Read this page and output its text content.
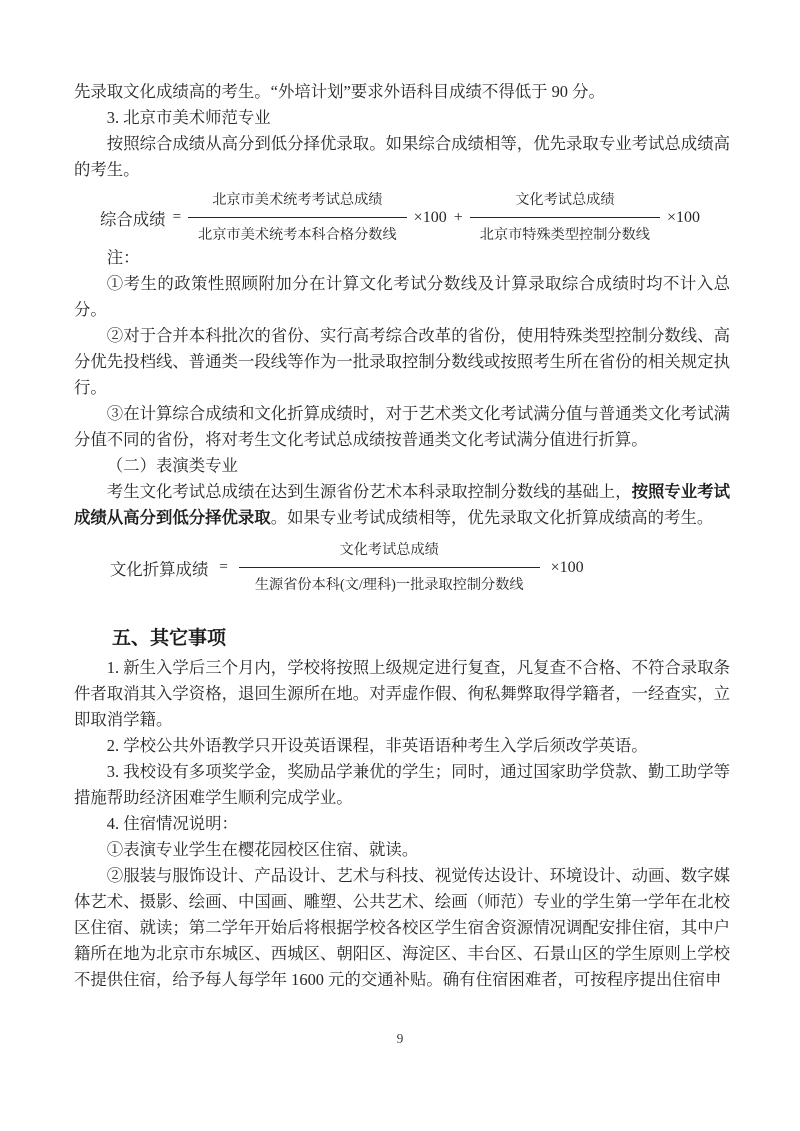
先录取文化成绩高的考生。“外培计划”要求外语科目成绩不得低于 90 分。

3. 北京市美术师范专业

按照综合成绩从高分到低分择优录取。如果综合成绩相等，优先录取专业考试总成绩高的考生。

综合成绩 = $\frac{\text{北京市美术统考考试总成绩}}{\text{北京市美术统考本科合格分数线}} \times 100 + \frac{\text{文化考试总成绩}}{\text{北京市特殊类型控制分数线}} \times 100$

注：

①考生的政策性照顾附加分在计算文化考试分数线及计算录取综合成绩时均不计入总分。

②对于合并本科批次的省份、实行高考综合改革的省份，使用特殊类型控制分数线、高分优先投档线、普通类一段线等作为一批录取控制分数线或按照考生所在省份的相关规定执行。

③在计算综合成绩和文化折算成绩时，对于艺术类文化考试满分值与普通类文化考试满分值不同的省份，将对考生文化考试总成绩按普通类文化考试满分值进行折算。

（二）表演类专业

考生文化考试总成绩在达到生源省份艺术本科录取控制分数线的基础上，按照专业考试成绩从高分到低分择优录取。如果专业考试成绩相等，优先录取文化折算成绩高的考生。

文化折算成绩 = $\frac{\text{文化考试总成绩}}{\text{生源省份本科(文/理科)一批录取控制分数线}} \times 100$
五、其它事项

1. 新生入学后三个月内，学校将按照上级规定进行复查，凡复查不合格、不符合录取条件者取消其入学资格，退回生源所在地。对弄虚作假、徇私舞弊取得学籍者，一经查实，立即取消学籍。

2. 学校公共外语教学只开设英语课程，非英语语种考生入学后须改学英语。

3. 我校设有多项奖学金，奖励品学兼优的学生；同时，通过国家助学贷款、勤工助学等措施帮助经济困难学生顺利完成学业。

4. 住宿情况说明：

①表演专业学生在樱花园校区住宿、就读。

②服装与服饰设计、产品设计、艺术与科技、视觉传达设计、环境设计、动画、数字媒体艺术、摄影、绘画、中国画、雕塑、公共艺术、绘画（师范）专业的学生第一学年在北校区住宿、就读；第二学年开始后将根据学校各校区学生宿舍资源情况调配安排住宿，其中户籍所在地为北京市东城区、西城区、朝阳区、海淀区、丰台区、石景山区的学生原则上学校不提供住宿，给予每人每学年 1600 元的交通补贴。确有住宿困难者，可按程序提出住宿申

9
